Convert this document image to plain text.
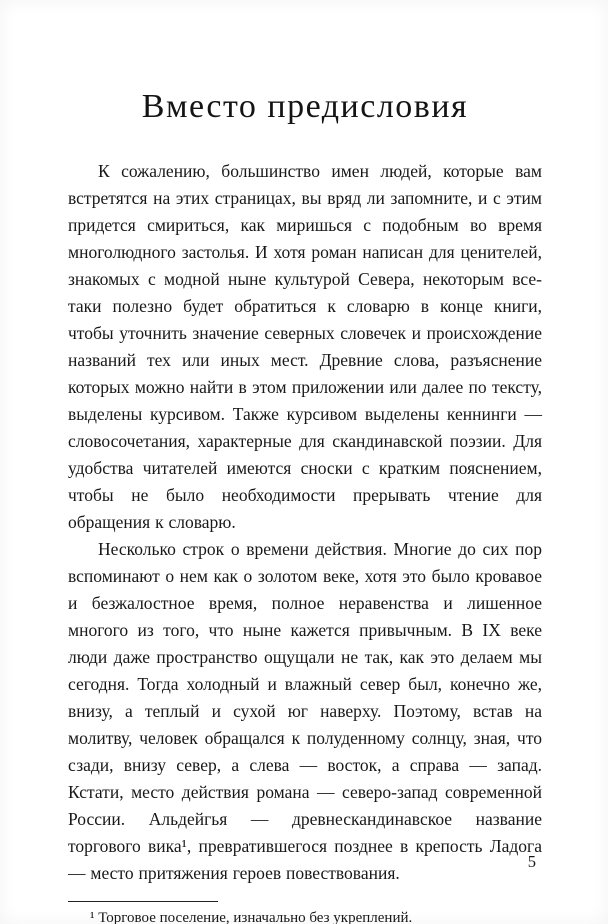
Вместо предисловия

К сожалению, большинство имен людей, которые вам встретятся на этих страницах, вы вряд ли запомните, и с этим придется смириться, как миришься с подобным во время многолюдного застолья. И хотя роман написан для ценителей, знакомых с модной ныне культурой Севера, некоторым все-таки полезно будет обратиться к словарю в конце книги, чтобы уточнить значение северных словечек и происхождение названий тех или иных мест. Древние слова, разъяснение которых можно найти в этом приложении или далее по тексту, выделены курсивом. Также курсивом выделены кеннинги — словосочетания, характерные для скандинавской поэзии. Для удобства читателей имеются сноски с кратким пояснением, чтобы не было необходимости прерывать чтение для обращения к словарю.

Несколько строк о времени действия. Многие до сих пор вспоминают о нем как о золотом веке, хотя это было кровавое и безжалостное время, полное неравенства и лишенное многого из того, что ныне кажется привычным. В IX веке люди даже пространство ощущали не так, как это делаем мы сегодня. Тогда холодный и влажный север был, конечно же, внизу, а теплый и сухой юг наверху. Поэтому, встав на молитву, человек обращался к полуденному солнцу, зная, что сзади, внизу север, а слева — восток, а справа — запад. Кстати, место действия романа — северо-запад современной России. Альдейгья — древнескандинавское название торгового вика¹, превратившегося позднее в крепость Ладога — место притяжения героев повествования.

¹ Торговое поселение, изначально без укреплений.

5
